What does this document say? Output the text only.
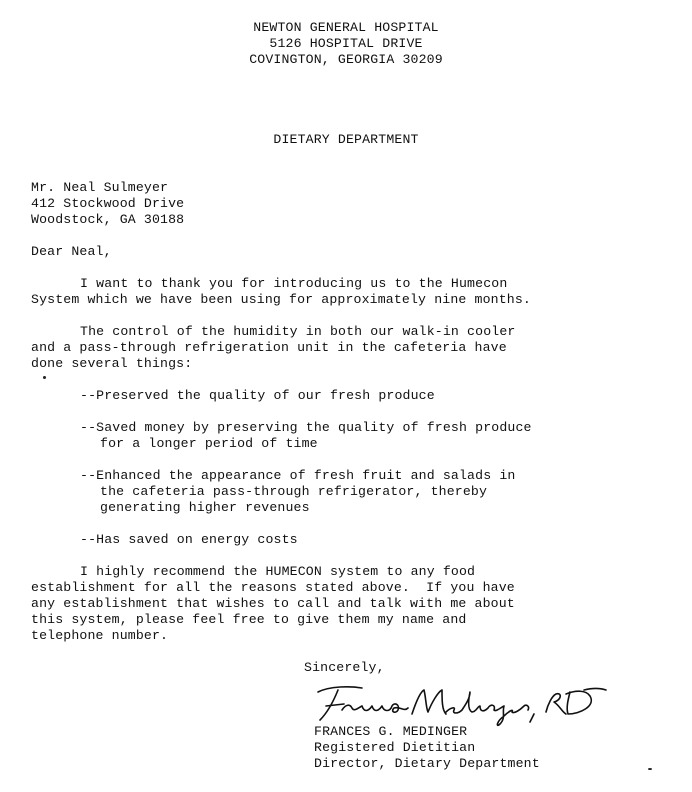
NEWTON GENERAL HOSPITAL
5126 HOSPITAL DRIVE
COVINGTON, GEORGIA 30209
DIETARY DEPARTMENT
Mr. Neal Sulmeyer
412 Stockwood Drive
Woodstock, GA 30188
Dear Neal,
I want to thank you for introducing us to the Humecon
System which we have been using for approximately nine months.
The control of the humidity in both our walk-in cooler
and a pass-through refrigeration unit in the cafeteria have
done several things:
--Preserved the quality of our fresh produce
--Saved money by preserving the quality of fresh produce
for a longer period of time
--Enhanced the appearance of fresh fruit and salads in
the cafeteria pass-through refrigerator, thereby
generating higher revenues
--Has saved on energy costs
I highly recommend the HUMECON system to any food
establishment for all the reasons stated above.  If you have
any establishment that wishes to call and talk with me about
this system, please feel free to give them my name and
telephone number.
Sincerely,
FRANCES G. MEDINGER
Registered Dietitian
Director, Dietary Department
